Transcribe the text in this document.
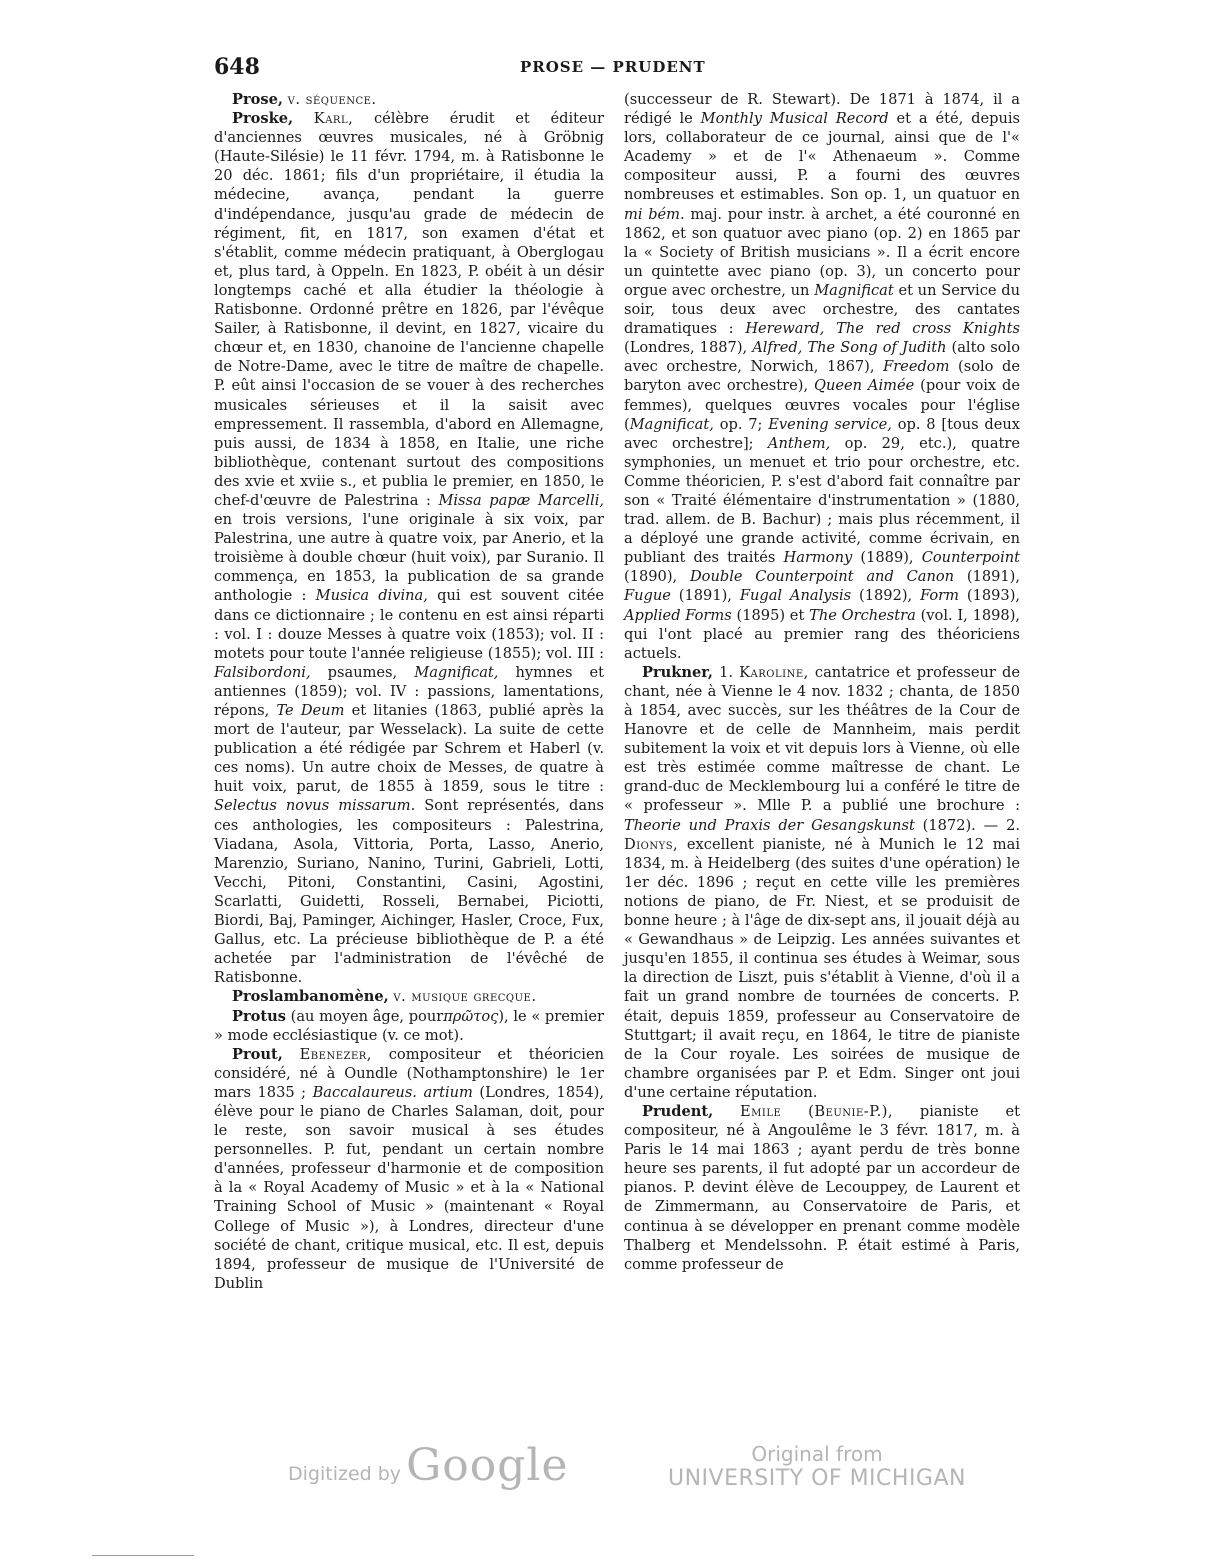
648	PROSE — PRUDENT

Prose, v. séquence.

Proske, Karl, célèbre érudit et éditeur d'anciennes œuvres musicales, né à Gröbnig (Haute-Silésie) le 11 févr. 1794, m. à Ratisbonne le 20 déc. 1861; fils d'un propriétaire, il étudia la médecine, avança, pendant la guerre d'indépendance, jusqu'au grade de médecin de régiment, fit, en 1817, son examen d'état et s'établit, comme médecin pratiquant, à Oberglogau et, plus tard, à Oppeln. En 1823, P. obéit à un désir longtemps caché et alla étudier la théologie à Ratisbonne. Ordonné prêtre en 1826, par l'évêque Sailer, à Ratisbonne, il devint, en 1827, vicaire du chœur et, en 1830, chanoine de l'ancienne chapelle de Notre-Dame, avec le titre de maître de chapelle. P. eût ainsi l'occasion de se vouer à des recherches musicales sérieuses et il la saisit avec empressement. Il rassembla, d'abord en Allemagne, puis aussi, de 1834 à 1858, en Italie, une riche bibliothèque, contenant surtout des compositions des xvie et xviie s., et publia le premier, en 1850, le chef-d'œuvre de Palestrina : Missa papæ Marcelli, en trois versions, l'une originale à six voix, par Palestrina, une autre à quatre voix, par Anerio, et la troisième à double chœur (huit voix), par Suranio. Il commença, en 1853, la publication de sa grande anthologie : Musica divina, qui est souvent citée dans ce dictionnaire ; le contenu en est ainsi réparti : vol. I : douze Messes à quatre voix (1853); vol. II : motets pour toute l'année religieuse (1855); vol. III : Falsibordoni, psaumes, Magnificat, hymnes et antiennes (1859); vol. IV : passions, lamentations, répons, Te Deum et litanies (1863, publié après la mort de l'auteur, par Wesselack). La suite de cette publication a été rédigée par Schrem et Haberl (v. ces noms). Un autre choix de Messes, de quatre à huit voix, parut, de 1855 à 1859, sous le titre : Selectus novus missarum. Sont représentés, dans ces anthologies, les compositeurs : Palestrina, Viadana, Asola, Vittoria, Porta, Lasso, Anerio, Marenzio, Suriano, Nanino, Turini, Gabrieli, Lotti, Vecchi, Pitoni, Constantini, Casini, Agostini, Scarlatti, Guidetti, Rosseli, Bernabei, Piciotti, Biordi, Baj, Paminger, Aichinger, Hasler, Croce, Fux, Gallus, etc. La précieuse bibliothèque de P. a été achetée par l'administration de l'évêché de Ratisbonne.

Proslambanomène, v. musique grecque.

Protus (au moyen âge, pourπρῶτος), le « premier » mode ecclésiastique (v. ce mot).

Prout, Ebenezer, compositeur et théoricien considéré, né à Oundle (Nothamptonshire) le 1er mars 1835 ; Baccalaureus. artium (Londres, 1854), élève pour le piano de Charles Salaman, doit, pour le reste, son savoir musical à ses études personnelles. P. fut, pendant un certain nombre d'années, professeur d'harmonie et de composition à la « Royal Academy of Music » et à la « National Training School of Music » (maintenant « Royal College of Music »), à Londres, directeur d'une société de chant, critique musical, etc. Il est, depuis 1894, professeur de musique de l'Université de Dublin

(successeur de R. Stewart). De 1871 à 1874, il a rédigé le Monthly Musical Record et a été, depuis lors, collaborateur de ce journal, ainsi que de l'« Academy » et de l'« Athenaeum ». Comme compositeur aussi, P. a fourni des œuvres nombreuses et estimables. Son op. 1, un quatuor en mi bém. maj. pour instr. à archet, a été couronné en 1862, et son quatuor avec piano (op. 2) en 1865 par la « Society of British musicians ». Il a écrit encore un quintette avec piano (op. 3), un concerto pour orgue avec orchestre, un Magnificat et un Service du soir, tous deux avec orchestre, des cantates dramatiques : Hereward, The red cross Knights (Londres, 1887), Alfred, The Song of Judith (alto solo avec orchestre, Norwich, 1867), Freedom (solo de baryton avec orchestre), Queen Aimée (pour voix de femmes), quelques œuvres vocales pour l'église (Magnificat, op. 7; Evening service, op. 8 [tous deux avec orchestre]; Anthem, op. 29, etc.), quatre symphonies, un menuet et trio pour orchestre, etc. Comme théoricien, P. s'est d'abord fait connaître par son « Traité élémentaire d'instrumentation » (1880, trad. allem. de B. Bachur) ; mais plus récemment, il a déployé une grande activité, comme écrivain, en publiant des traités Harmony (1889), Counterpoint (1890), Double Counterpoint and Canon (1891), Fugue (1891), Fugal Analysis (1892), Form (1893), Applied Forms (1895) et The Orchestra (vol. I, 1898), qui l'ont placé au premier rang des théoriciens actuels.

Prukner, 1. Karoline, cantatrice et professeur de chant, née à Vienne le 4 nov. 1832 ; chanta, de 1850 à 1854, avec succès, sur les théâtres de la Cour de Hanovre et de celle de Mannheim, mais perdit subitement la voix et vit depuis lors à Vienne, où elle est très estimée comme maîtresse de chant. Le grand-duc de Mecklembourg lui a conféré le titre de « professeur ». Mlle P. a publié une brochure : Theorie und Praxis der Gesangskunst (1872). — 2. Dionys, excellent pianiste, né à Munich le 12 mai 1834, m. à Heidelberg (des suites d'une opération) le 1er déc. 1896 ; reçut en cette ville les premières notions de piano, de Fr. Niest, et se produisit de bonne heure ; à l'âge de dix-sept ans, il jouait déjà au « Gewandhaus » de Leipzig. Les années suivantes et jusqu'en 1855, il continua ses études à Weimar, sous la direction de Liszt, puis s'établit à Vienne, d'où il a fait un grand nombre de tournées de concerts. P. était, depuis 1859, professeur au Conservatoire de Stuttgart; il avait reçu, en 1864, le titre de pianiste de la Cour royale. Les soirées de musique de chambre organisées par P. et Edm. Singer ont joui d'une certaine réputation.

Prudent, Emile (Beunie-P.), pianiste et compositeur, né à Angoulême le 3 févr. 1817, m. à Paris le 14 mai 1863 ; ayant perdu de très bonne heure ses parents, il fut adopté par un accordeur de pianos. P. devint élève de Lecouppey, de Laurent et de Zimmermann, au Conservatoire de Paris, et continua à se développer en prenant comme modèle Thalberg et Mendelssohn. P. était estimé à Paris, comme professeur de

Digitized by Google	Original from
UNIVERSITY OF MICHIGAN
